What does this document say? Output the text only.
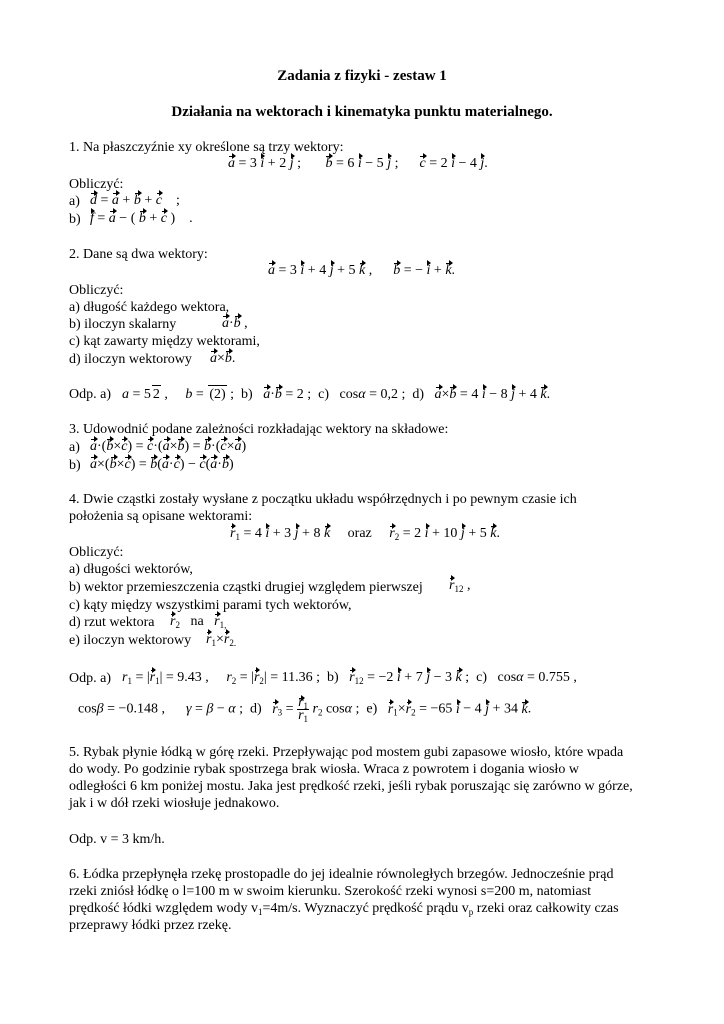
Zadania z fizyki - zestaw 1
Działania na wektorach i kinematyka punktu materialnego.
1. Na płaszczyźnie xy określone są trzy wektory:
a = 3 i + 2 j ;       b = 6 i − 5 j ;      c = 2 i − 4 j.
Obliczyć:
a) d = a + b + c    ;
b) f = a − ( b + c )    .
2. Dane są dwa wektory:
a = 3 i + 4 j + 5 k ,      b = − i + k.
Obliczyć:
a) długość każdego wektora,
b) iloczyn skalarny	a·b ,
c) kąt zawarty między wektorami,
d) iloczyn wektorowy a×b.
Odp. a) a = 5 2 ,     b = (2) ;  b)   a·b = 2 ;  c)   cosα = 0,2 ;  d)   a×b = 4 i − 8 j + 4 k.
3. Udowodnić podane zależności rozkładając wektory na składowe:
a) a·(b×c) = c·(a×b) = b·(c×a)
b) a×(b×c) = b(a·c) − c(a·b)
4. Dwie cząstki zostały wysłane z początku układu współrzędnych i po pewnym czasie ich
położenia są opisane wektorami:
$r_1 = 4$ i + 3 j + 8 k oraz $r_2 = 2$ i + 10 j + 5 k.
Obliczyć:
a) długości wektorów,
b) wektor przemieszczenia cząstki drugiej względem pierwszej $r_{12}$ ,
c) kąty między wszystkimi parami tych wektorów,
d) rzut wektora $r_2$ na $r_{1,}$
e) iloczyn wektorowy $r_1\times r_{2.}$
Odp. a) $r_1 = |r_1| = 9.43$ ,     $r_2 = |r_2| = 11.36$ ;  b)   $r_{12} = -2$ i + 7 j − 3 k ;  c)   cosα = 0.755 ,
cosβ = −0.148 ,      γ = β − α ;  d)   $r_3 = \frac{r_1}{r_1} r_2$ cosα ;  e)   $r_1\times r_2 = -65$ i − 4 j + 34 k.
5. Rybak płynie łódką w górę rzeki. Przepływając pod mostem gubi zapasowe wiosło, które wpada
do wody. Po godzinie rybak spostrzega brak wiosła. Wraca z powrotem i dogania wiosło w
odległości 6 km poniżej mostu. Jaka jest prędkość rzeki, jeśli rybak poruszając się zarówno w górze,
jak i w dół rzeki wiosłuje jednakowo.
Odp. v = 3 km/h.
6. Łódka przepłynęła rzekę prostopadle do jej idealnie równoległych brzegów. Jednocześnie prąd
rzeki zniósł łódkę o l=100 m w swoim kierunku. Szerokość rzeki wynosi s=200 m, natomiast
prędkość łódki względem wody $v_1=4m/s$. Wyznaczyć prędkość prądu $v_p$ rzeki oraz całkowity czas
przeprawy łódki przez rzekę.
